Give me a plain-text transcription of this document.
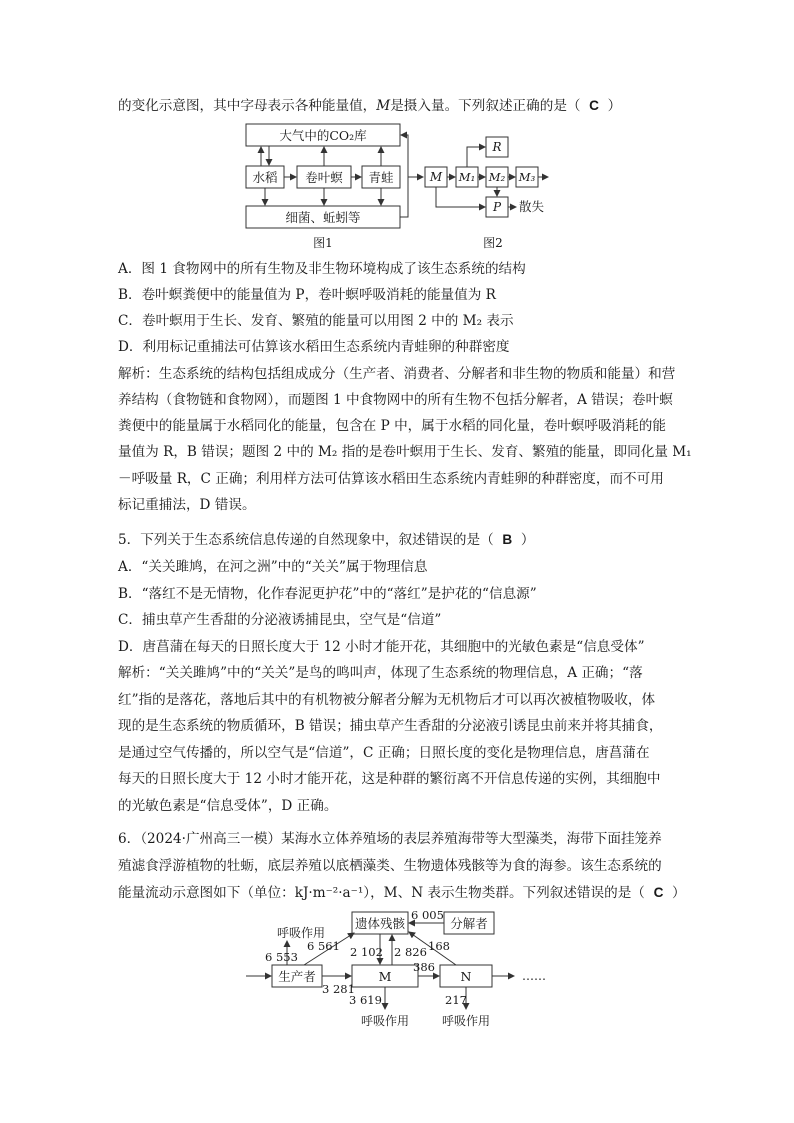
的变化示意图，其中字母表示各种能量值，M是摄入量。下列叙述正确的是（ C ）
大气中的CO₂库
水稻 卷叶螟 青蛙
细菌、蚯蚓等
图1
M M₁ M₂ M₃
R
P 散失
图2
A．图 1 食物网中的所有生物及非生物环境构成了该生态系统的结构
B．卷叶螟粪便中的能量值为 P，卷叶螟呼吸消耗的能量值为 R
C．卷叶螟用于生长、发育、繁殖的能量可以用图 2 中的 M₂ 表示
D．利用标记重捕法可估算该水稻田生态系统内青蛙卵的种群密度
解析：生态系统的结构包括组成成分（生产者、消费者、分解者和非生物的物质和能量）和营
养结构（食物链和食物网），而题图 1 中食物网中的所有生物不包括分解者，A 错误；卷叶螟
粪便中的能量属于水稻同化的能量，包含在 P 中，属于水稻的同化量，卷叶螟呼吸消耗的能
量值为 R，B 错误；题图 2 中的 M₂ 指的是卷叶螟用于生长、发育、繁殖的能量，即同化量 M₁
－呼吸量 R，C 正确；利用样方法可估算该水稻田生态系统内青蛙卵的种群密度，而不可用
标记重捕法，D 错误。
5．下列关于生态系统信息传递的自然现象中，叙述错误的是（ B ）
A．“关关雎鸠，在河之洲”中的“关关”属于物理信息
B．“落红不是无情物，化作春泥更护花”中的“落红”是护花的“信息源”
C．捕虫草产生香甜的分泌液诱捕昆虫，空气是“信道”
D．唐菖蒲在每天的日照长度大于 12 小时才能开花，其细胞中的光敏色素是“信息受体”
解析：“关关雎鸠”中的“关关”是鸟的鸣叫声，体现了生态系统的物理信息，A 正确；“落
红”指的是落花，落地后其中的有机物被分解者分解为无机物后才可以再次被植物吸收，体
现的是生态系统的物质循环，B 错误；捕虫草产生香甜的分泌液引诱昆虫前来并将其捕食，
是通过空气传播的，所以空气是“信道”，C 正确；日照长度的变化是物理信息，唐菖蒲在
每天的日照长度大于 12 小时才能开花，这是种群的繁衍离不开信息传递的实例，其细胞中
的光敏色素是“信息受体”，D 正确。
6．（2024·广州高三一模）某海水立体养殖场的表层养殖海带等大型藻类，海带下面挂笼养
殖滤食浮游植物的牡蛎，底层养殖以底栖藻类、生物遗体残骸等为食的海参。该生态系统的
能量流动示意图如下（单位：kJ·m⁻²·a⁻¹），M、N 表示生物类群。下列叙述错误的是（ C ）
生产者	M	N
遗体残骸	分解者
……
呼吸作用
6 553
6 561 2 102 2 826
6 005
168
3 281
386
3 619
呼吸作用
217
呼吸作用
